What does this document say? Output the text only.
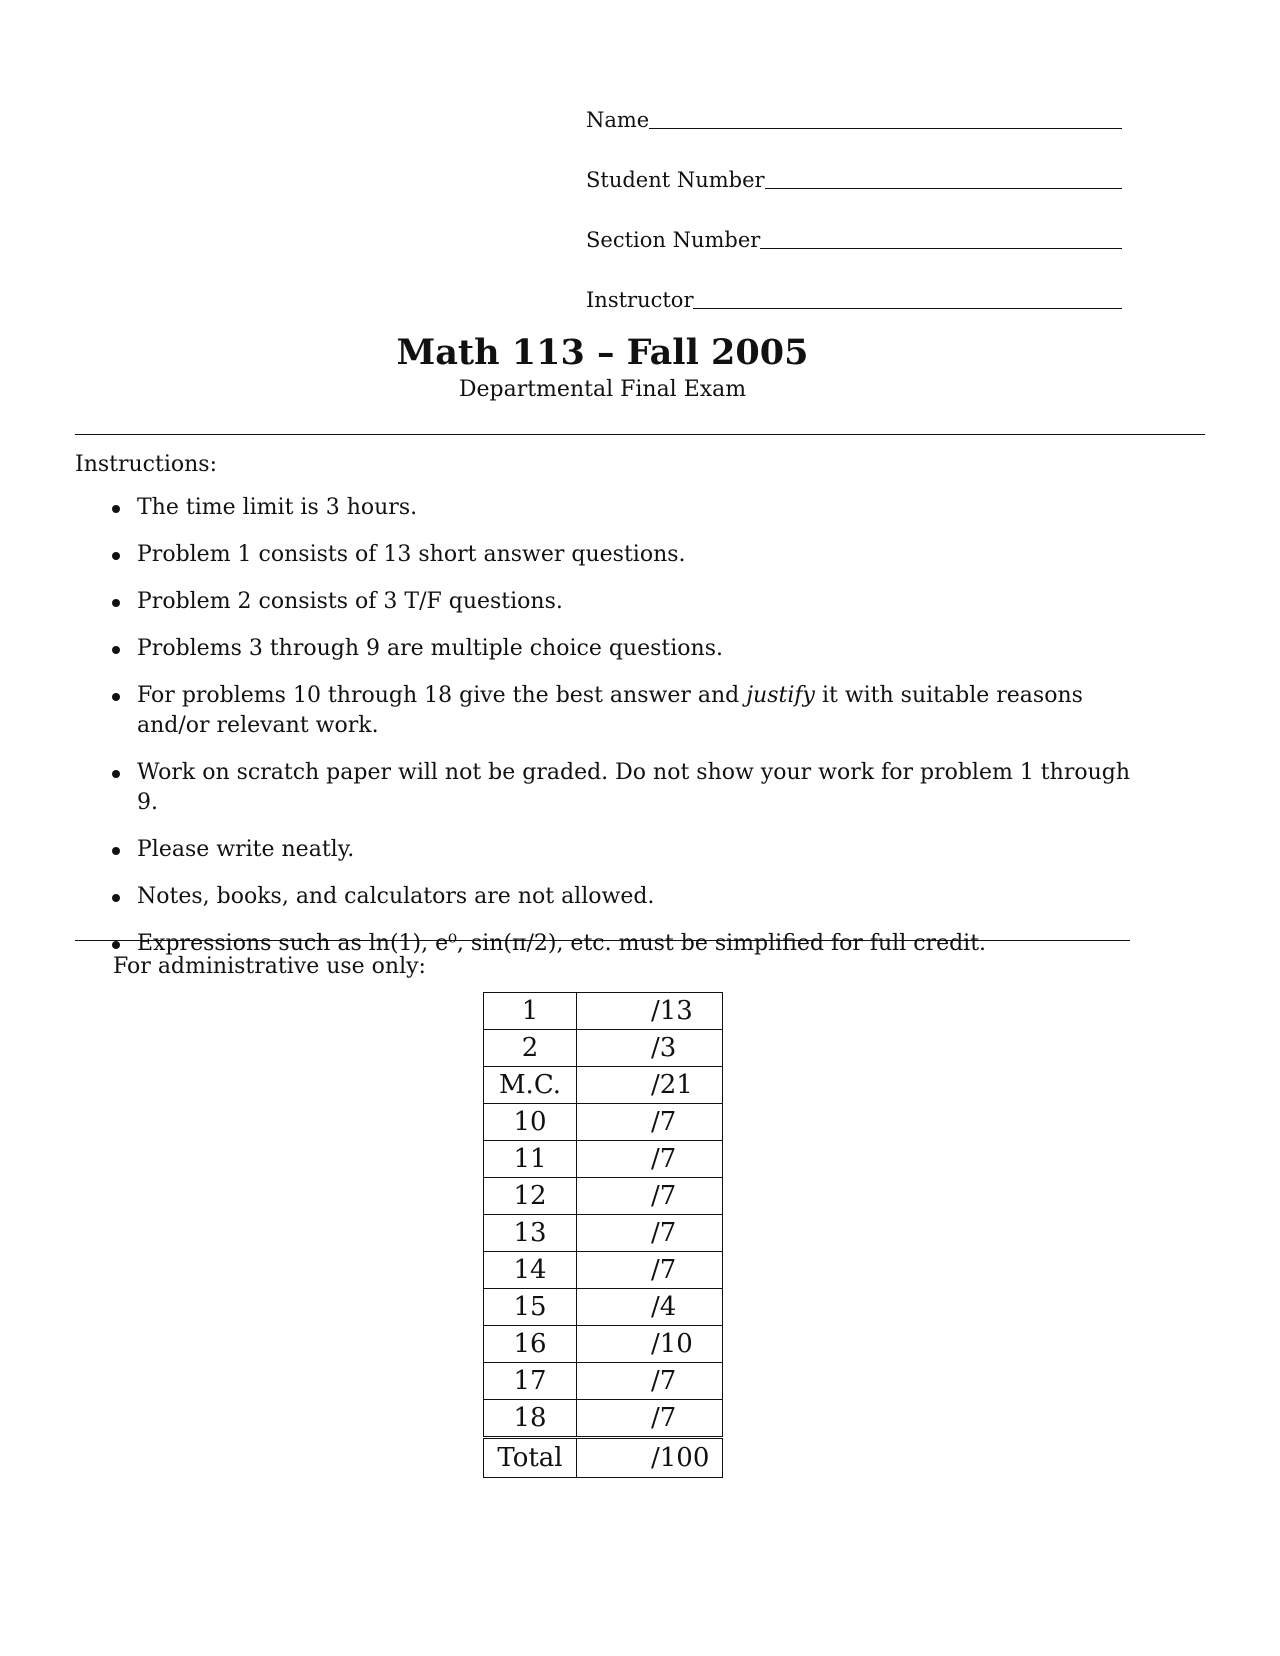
Name
Student Number
Section Number
Instructor
Math 113 – Fall 2005
Departmental Final Exam
Instructions:
The time limit is 3 hours.
Problem 1 consists of 13 short answer questions.
Problem 2 consists of 3 T/F questions.
Problems 3 through 9 are multiple choice questions.
For problems 10 through 18 give the best answer and justify it with suitable reasons and/or relevant work.
Work on scratch paper will not be graded. Do not show your work for problem 1 through 9.
Please write neatly.
Notes, books, and calculators are not allowed.
Expressions such as ln(1), e⁰, sin(π/2), etc. must be simplified for full credit.
For administrative use only:
1	/13
2	/3
M.C.	/21
10	/7
11	/7
12	/7
13	/7
14	/7
15	/4
16	/10
17	/7
18	/7
Total	/100
